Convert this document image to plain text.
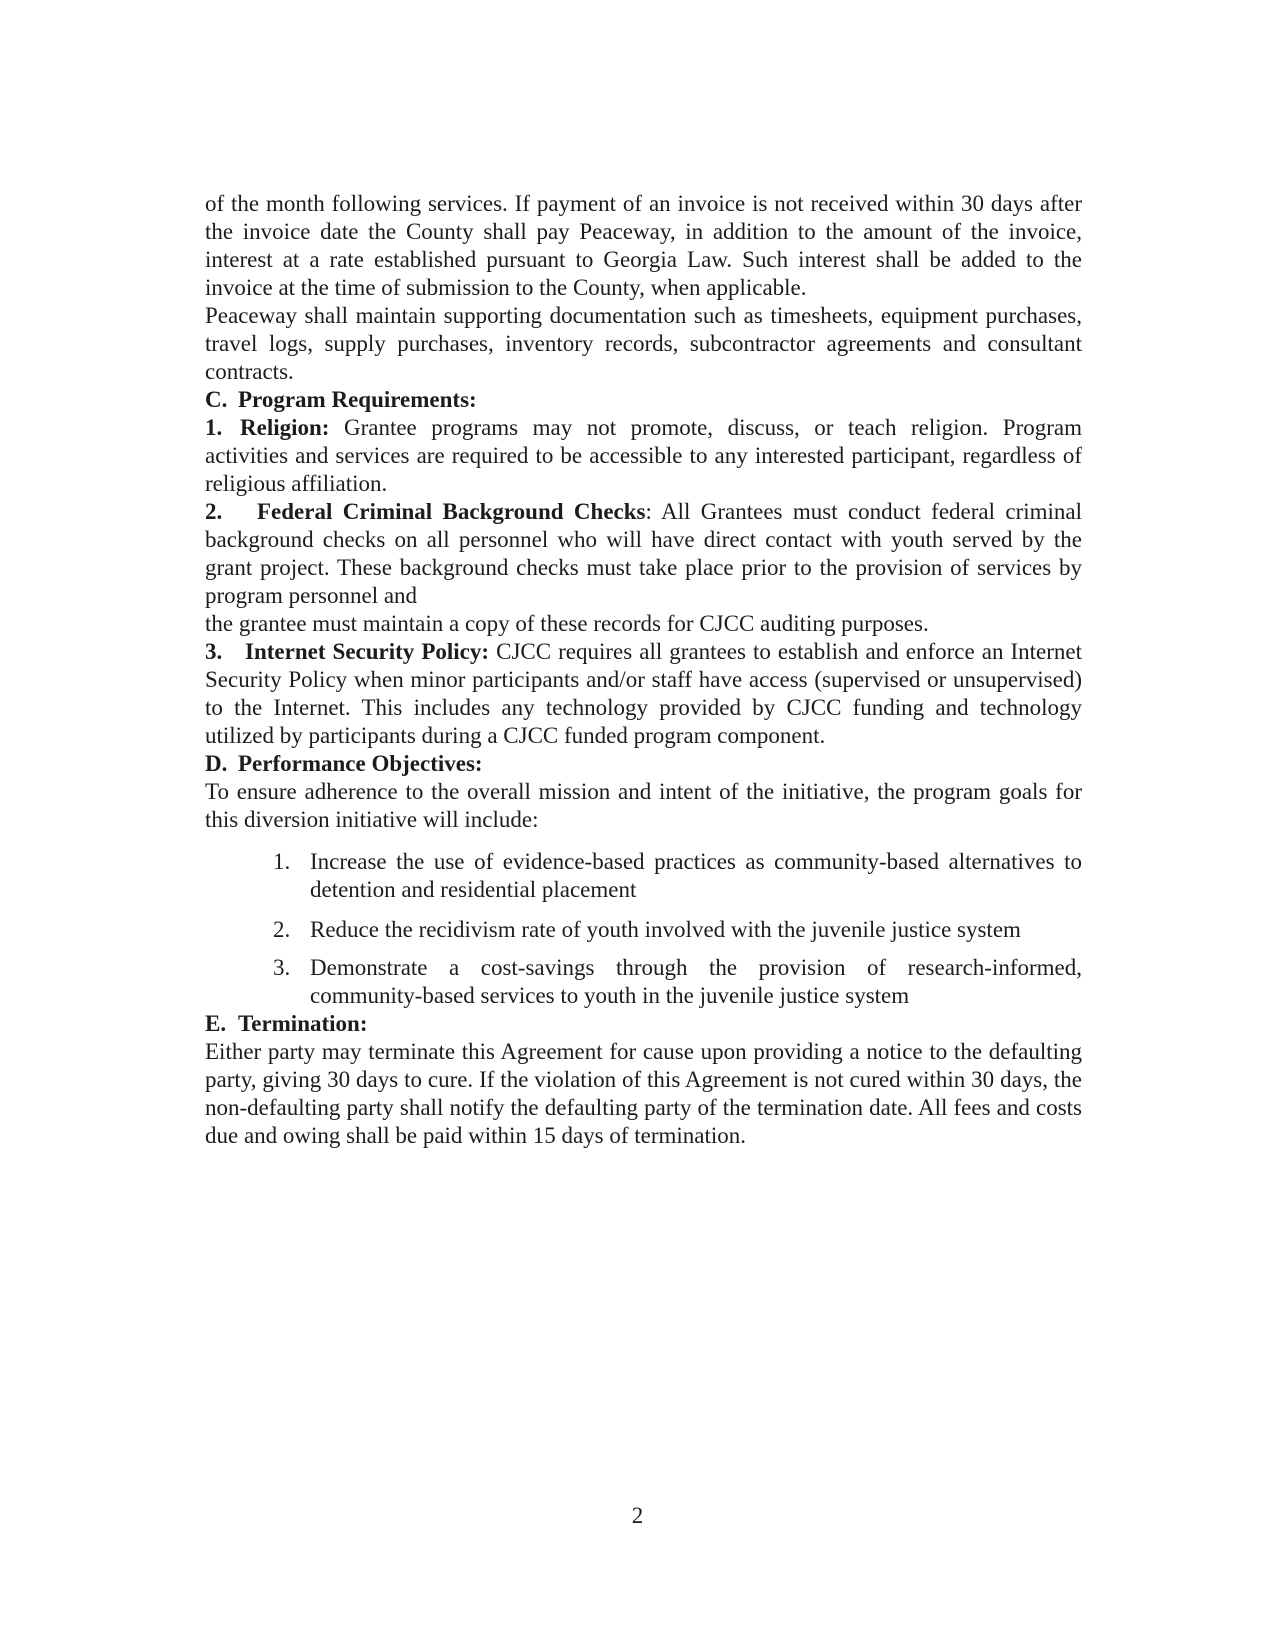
of the month following services. If payment of an invoice is not received within 30 days after the invoice date the County shall pay Peaceway, in addition to the amount of the invoice, interest at a rate established pursuant to Georgia Law. Such interest shall be added to the invoice at the time of submission to the County, when applicable.

Peaceway shall maintain supporting documentation such as timesheets, equipment purchases, travel logs, supply purchases, inventory records, subcontractor agreements and consultant contracts.

C. Program Requirements:

1. Religion: Grantee programs may not promote, discuss, or teach religion. Program activities and services are required to be accessible to any interested participant, regardless of religious affiliation.

2. Federal Criminal Background Checks: All Grantees must conduct federal criminal background checks on all personnel who will have direct contact with youth served by the grant project. These background checks must take place prior to the provision of services by program personnel and

the grantee must maintain a copy of these records for CJCC auditing purposes.

3. Internet Security Policy: CJCC requires all grantees to establish and enforce an Internet Security Policy when minor participants and/or staff have access (supervised or unsupervised) to the Internet. This includes any technology provided by CJCC funding and technology utilized by participants during a CJCC funded program component.

D. Performance Objectives:

To ensure adherence to the overall mission and intent of the initiative, the program goals for this diversion initiative will include:

1. Increase the use of evidence-based practices as community-based alternatives to detention and residential placement
2. Reduce the recidivism rate of youth involved with the juvenile justice system
3. Demonstrate a cost-savings through the provision of research-informed, community-based services to youth in the juvenile justice system
E. Termination:

Either party may terminate this Agreement for cause upon providing a notice to the defaulting party, giving 30 days to cure. If the violation of this Agreement is not cured within 30 days, the non-defaulting party shall notify the defaulting party of the termination date. All fees and costs due and owing shall be paid within 15 days of termination.

2
